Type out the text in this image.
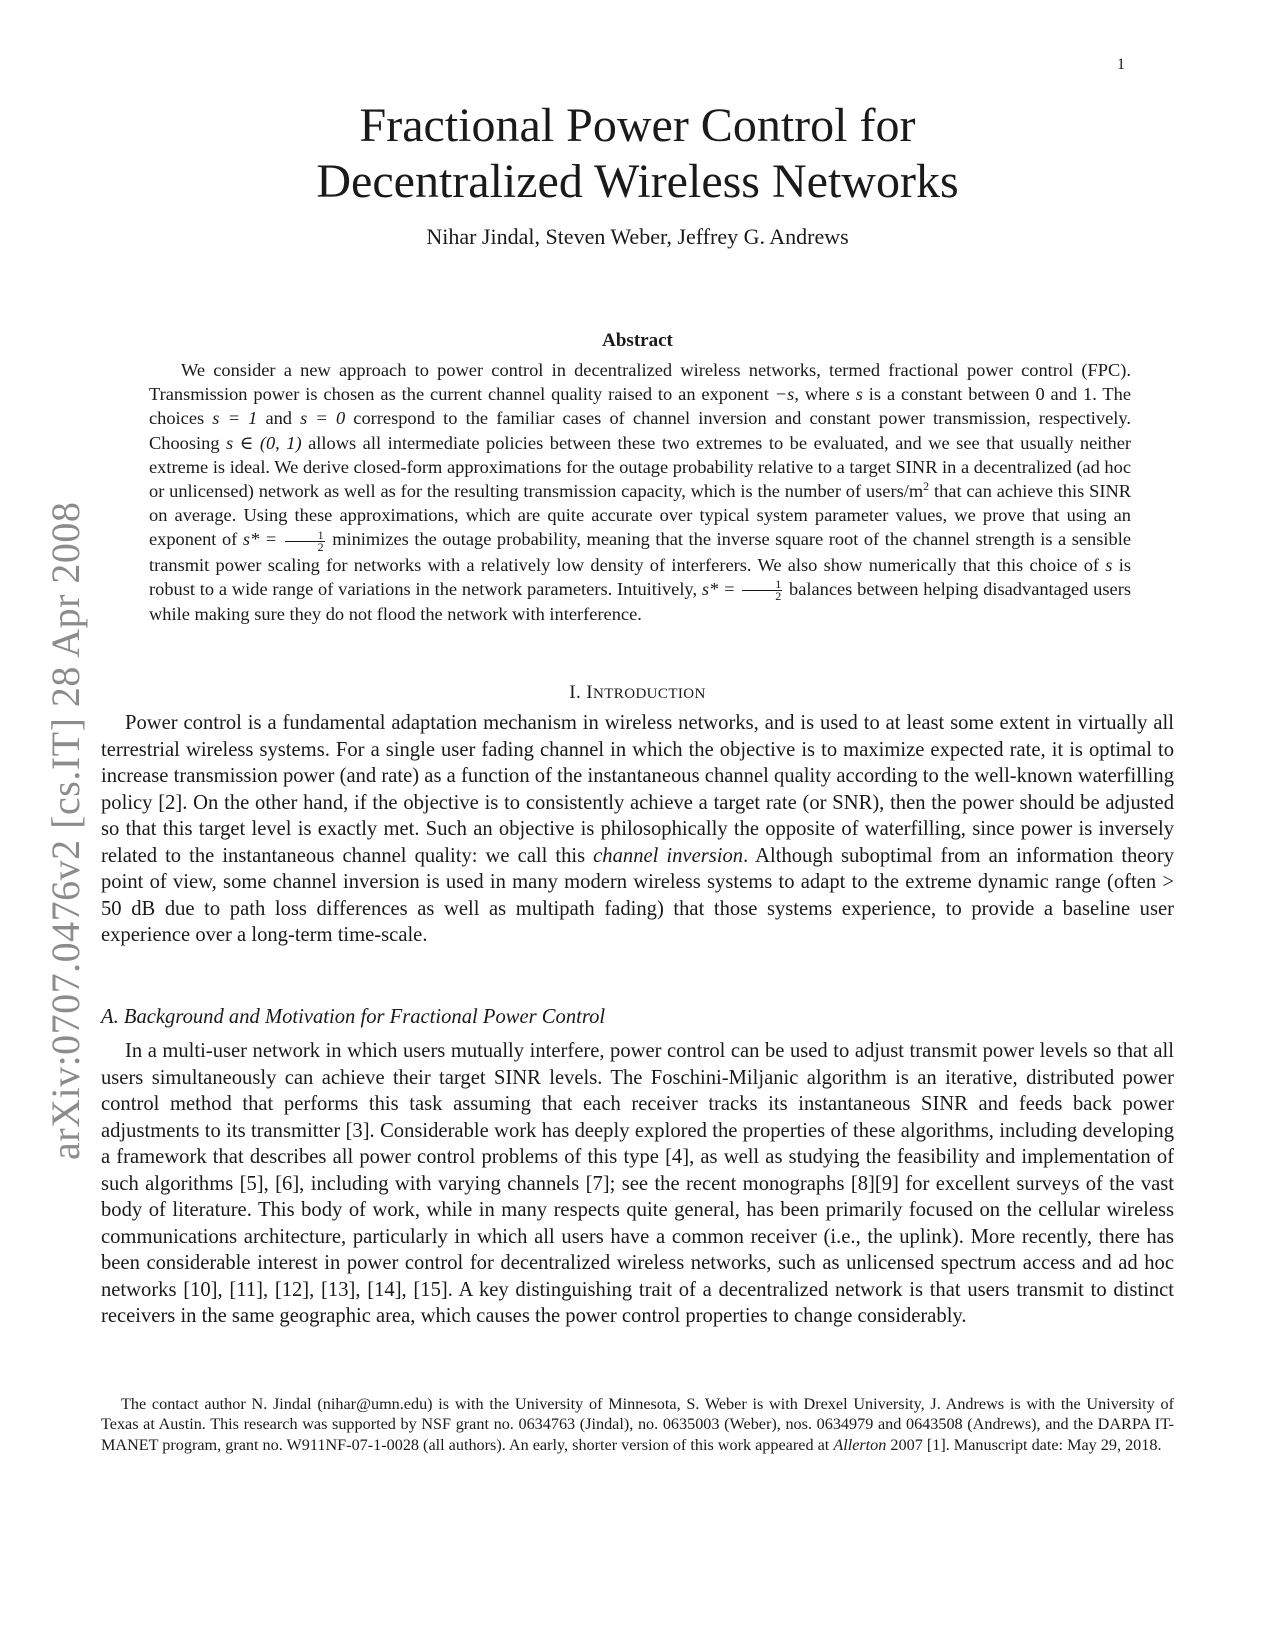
1
arXiv:0707.0476v2 [cs.IT] 28 Apr 2008
Fractional Power Control for
Decentralized Wireless Networks
Nihar Jindal, Steven Weber, Jeffrey G. Andrews
Abstract

We consider a new approach to power control in decentralized wireless networks, termed fractional power control (FPC). Transmission power is chosen as the current channel quality raised to an exponent −s, where s is a constant between 0 and 1. The choices s = 1 and s = 0 correspond to the familiar cases of channel inversion and constant power transmission, respectively. Choosing s ∈ (0, 1) allows all intermediate policies between these two extremes to be evaluated, and we see that usually neither extreme is ideal. We derive closed-form approximations for the outage probability relative to a target SINR in a decentralized (ad hoc or unlicensed) network as well as for the resulting transmission capacity, which is the number of users/$m^2$ that can achieve this SINR on average. Using these approximations, which are quite accurate over typical system parameter values, we prove that using an exponent of $s* = \frac{1}{2}$ minimizes the outage probability, meaning that the inverse square root of the channel strength is a sensible transmit power scaling for networks with a relatively low density of interferers. We also show numerically that this choice of s is robust to a wide range of variations in the network parameters. Intuitively, $s* = \frac{1}{2}$ balances between helping disadvantaged users while making sure they do not flood the network with interference.

I. INTRODUCTION

Power control is a fundamental adaptation mechanism in wireless networks, and is used to at least some extent in virtually all terrestrial wireless systems. For a single user fading channel in which the objective is to maximize expected rate, it is optimal to increase transmission power (and rate) as a function of the instantaneous channel quality according to the well-known waterfilling policy [2]. On the other hand, if the objective is to consistently achieve a target rate (or SNR), then the power should be adjusted so that this target level is exactly met. Such an objective is philosophically the opposite of waterfilling, since power is inversely related to the instantaneous channel quality: we call this channel inversion. Although suboptimal from an information theory point of view, some channel inversion is used in many modern wireless systems to adapt to the extreme dynamic range (often > 50 dB due to path loss differences as well as multipath fading) that those systems experience, to provide a baseline user experience over a long-term time-scale.

A. Background and Motivation for Fractional Power Control

In a multi-user network in which users mutually interfere, power control can be used to adjust transmit power levels so that all users simultaneously can achieve their target SINR levels. The Foschini-Miljanic algorithm is an iterative, distributed power control method that performs this task assuming that each receiver tracks its instantaneous SINR and feeds back power adjustments to its transmitter [3]. Considerable work has deeply explored the properties of these algorithms, including developing a framework that describes all power control problems of this type [4], as well as studying the feasibility and implementation of such algorithms [5], [6], including with varying channels [7]; see the recent monographs [8][9] for excellent surveys of the vast body of literature. This body of work, while in many respects quite general, has been primarily focused on the cellular wireless communications architecture, particularly in which all users have a common receiver (i.e., the uplink). More recently, there has been considerable interest in power control for decentralized wireless networks, such as unlicensed spectrum access and ad hoc networks [10], [11], [12], [13], [14], [15]. A key distinguishing trait of a decentralized network is that users transmit to distinct receivers in the same geographic area, which causes the power control properties to change considerably.

The contact author N. Jindal (nihar@umn.edu) is with the University of Minnesota, S. Weber is with Drexel University, J. Andrews is with the University of Texas at Austin. This research was supported by NSF grant no. 0634763 (Jindal), no. 0635003 (Weber), nos. 0634979 and 0643508 (Andrews), and the DARPA IT-MANET program, grant no. W911NF-07-1-0028 (all authors). An early, shorter version of this work appeared at Allerton 2007 [1]. Manuscript date: May 29, 2018.
